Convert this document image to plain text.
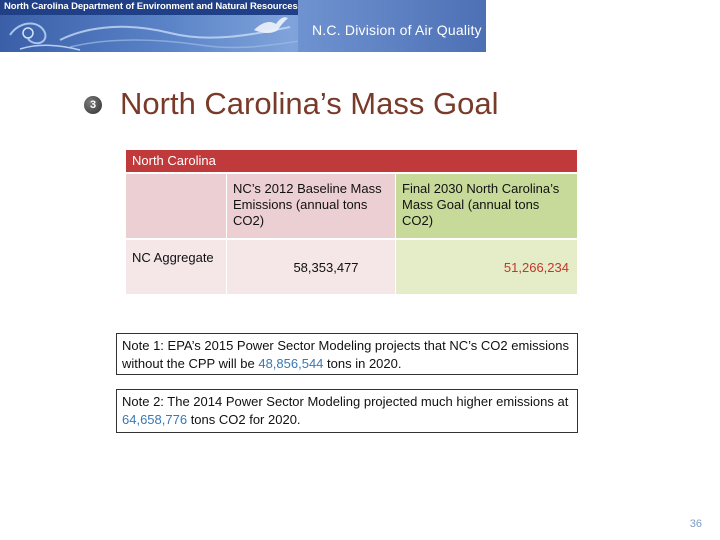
North Carolina Department of Environment and Natural Resources
N.C. Division of Air Quality
3 North Carolina’s Mass Goal
North Carolina
NC’s 2012 Baseline Mass Emissions (annual tons CO2)
Final 2030 North Carolina’s Mass Goal (annual tons CO2)
NC Aggregate
58,353,477	51,266,234
Note 1: EPA’s 2015 Power Sector Modeling projects that NC’s CO2 emissions without the CPP will be 48,856,544 tons in 2020.
Note 2: The 2014 Power Sector Modeling projected much higher emissions at 64,658,776 tons CO2 for 2020.
36
